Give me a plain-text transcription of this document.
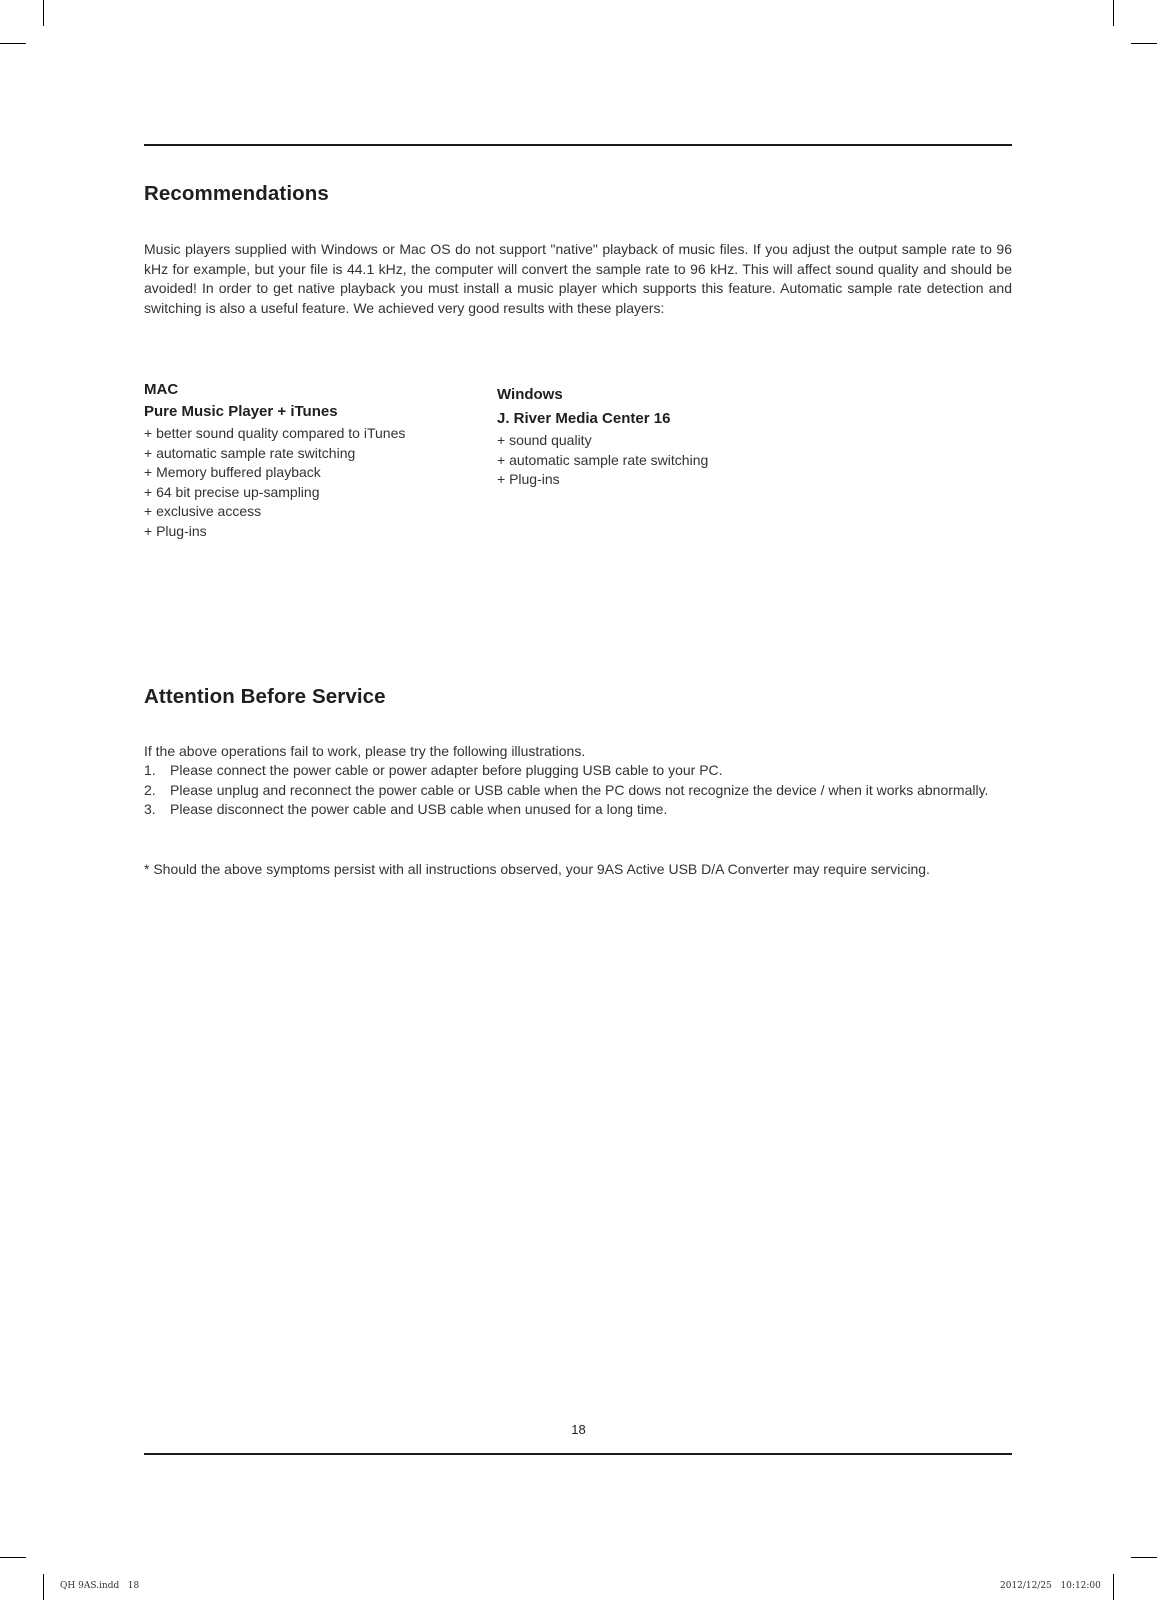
Recommendations

Music players supplied with Windows or Mac OS do not support "native" playback of music files. If you adjust the output sample rate to 96 kHz for example, but your file is 44.1 kHz, the computer will convert the sample rate to 96 kHz. This will affect sound quality and should be avoided! In order to get native playback you must install a music player which supports this feature. Automatic sample rate detection and switching is also a useful feature. We achieved very good results with these players:

MAC

Pure Music Player + iTunes

+ better sound quality compared to iTunes
+ automatic sample rate switching
+ Memory buffered playback
+ 64 bit precise up-sampling
+ exclusive access
+ Plug-ins

Windows

J. River Media Center 16

+ sound quality
+ automatic sample rate switching
+ Plug-ins
Attention Before Service

If the above operations fail to work, please try the following illustrations.

1. Please connect the power cable or power adapter before plugging USB cable to your PC.
2. Please unplug and reconnect the power cable or USB cable when the PC dows not recognize the device / when it works abnormally.
3. Please disconnect the power cable and USB cable when unused for a long time.

* Should the above symptoms persist with all instructions observed, your 9AS Active USB D/A Converter may require servicing.

18
QH 9AS.indd   18	2012/12/25   10:12:00
